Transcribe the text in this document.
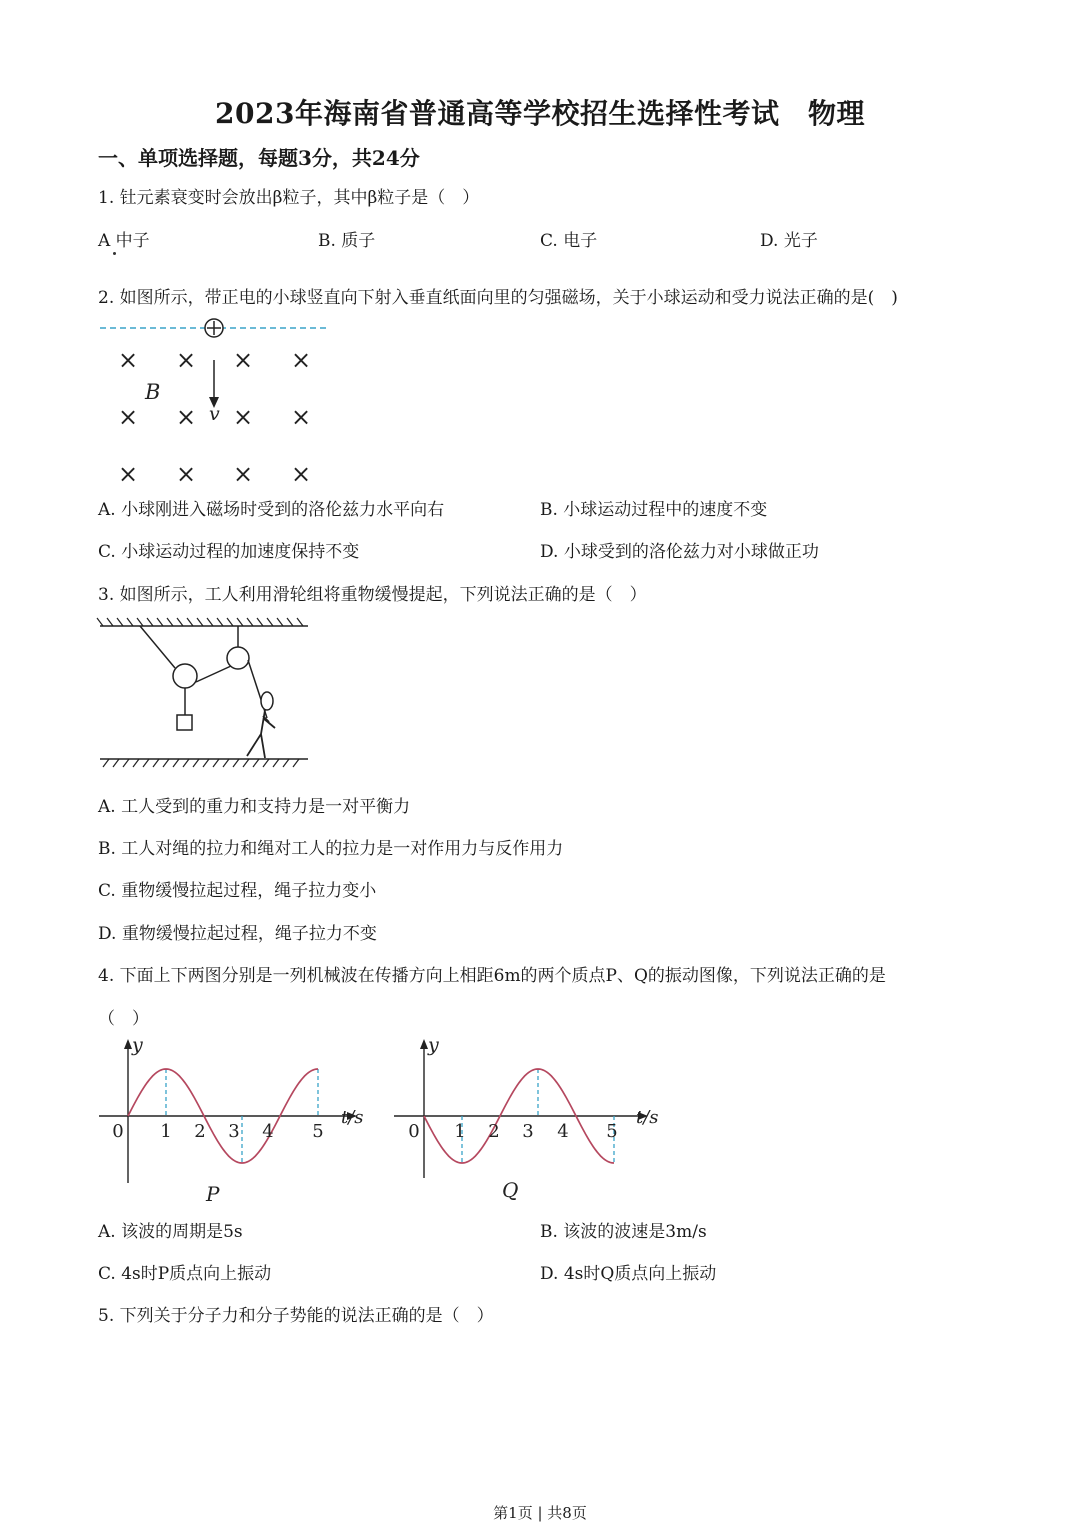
2023年海南省普通高等学校招生选择性考试　物理
一、单项选择题，每题3分，共24分
1. 钍元素衰变时会放出β粒子，其中β粒子是（　）
A 中子	B. 质子	C. 电子	D. 光子
2. 如图所示，带正电的小球竖直向下射入垂直纸面向里的匀强磁场，关于小球运动和受力说法正确的是(　)
× × × ×
× × × ×
× × × ×
B
v
A. 小球刚进入磁场时受到的洛伦兹力水平向右	B. 小球运动过程中的速度不变
C. 小球运动过程的加速度保持不变	D. 小球受到的洛伦兹力对小球做正功
3. 如图所示，工人利用滑轮组将重物缓慢提起，下列说法正确的是（　）
A. 工人受到的重力和支持力是一对平衡力
B. 工人对绳的拉力和绳对工人的拉力是一对作用力与反作用力
C. 重物缓慢拉起过程，绳子拉力变小
D. 重物缓慢拉起过程，绳子拉力不变
4. 下面上下两图分别是一列机械波在传播方向上相距6m的两个质点P、Q的振动图像，下列说法正确的是
（　）
y
t/s
0 1 2 3 4 5
P
y
t/s
0 1 2 3 4 5
Q
A. 该波的周期是5s	B. 该波的波速是3m/s
C. 4s时P质点向上振动	D. 4s时Q质点向上振动
5. 下列关于分子力和分子势能的说法正确的是（　）
第1页 | 共8页
